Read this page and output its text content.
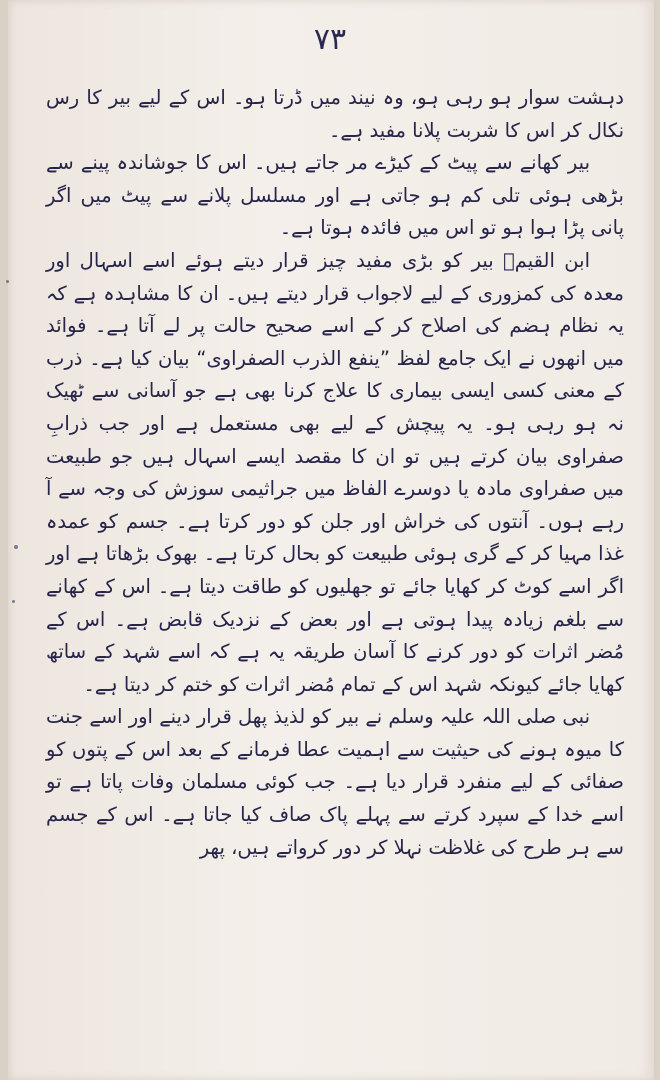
۷۳

دہشت سوار ہو رہی ہو، وہ نیند میں ڈرتا ہو۔ اس کے لیے بیر کا رس نکال کر اس کا شربت پلانا مفید ہے۔

بیر کھانے سے پیٹ کے کیڑے مر جاتے ہیں۔ اس کا جوشاندہ پینے سے بڑھی ہوئی تلی کم ہو جاتی ہے اور مسلسل پلانے سے پیٹ میں اگر پانی پڑا ہوا ہو تو اس میں فائدہ ہوتا ہے۔

ابن القیمؒ بیر کو بڑی مفید چیز قرار دیتے ہوئے اسے اسہال اور معدہ کی کمزوری کے لیے لاجواب قرار دیتے ہیں۔ ان کا مشاہدہ ہے کہ یہ نظام ہضم کی اصلاح کر کے اسے صحیح حالت پر لے آتا ہے۔ فوائد میں انھوں نے ایک جامع لفظ ”ینفع الذرب الصفراوی“ بیان کیا ہے۔ ذرب کے معنی کسی ایسی بیماری کا علاج کرنا بھی ہے جو آسانی سے ٹھیک نہ ہو رہی ہو۔ یہ پیچش کے لیے بھی مستعمل ہے اور جب ذرابِ صفراوی بیان کرتے ہیں تو ان کا مقصد ایسے اسہال ہیں جو طبیعت میں صفراوی مادہ یا دوسرے الفاظ میں جراثیمی سوزش کی وجہ سے آ رہے ہوں۔ آنتوں کی خراش اور جلن کو دور کرتا ہے۔ جسم کو عمدہ غذا مہیا کر کے گری ہوئی طبیعت کو بحال کرتا ہے۔ بھوک بڑھاتا ہے اور اگر اسے کوٹ کر کھایا جائے تو جھلیوں کو طاقت دیتا ہے۔ اس کے کھانے سے بلغم زیادہ پیدا ہوتی ہے اور بعض کے نزدیک قابض ہے۔ اس کے مُضر اثرات کو دور کرنے کا آسان طریقہ یہ ہے کہ اسے شہد کے ساتھ کھایا جائے کیونکہ شہد اس کے تمام مُضر اثرات کو ختم کر دیتا ہے۔

نبی صلی اللہ علیہ وسلم نے بیر کو لذیذ پھل قرار دینے اور اسے جنت کا میوہ ہونے کی حیثیت سے اہمیت عطا فرمانے کے بعد اس کے پتوں کو صفائی کے لیے منفرد قرار دیا ہے۔ جب کوئی مسلمان وفات پاتا ہے تو اسے خدا کے سپرد کرتے سے پہلے پاک صاف کیا جاتا ہے۔ اس کے جسم سے ہر طرح کی غلاظت نہلا کر دور کرواتے ہیں، پھر
